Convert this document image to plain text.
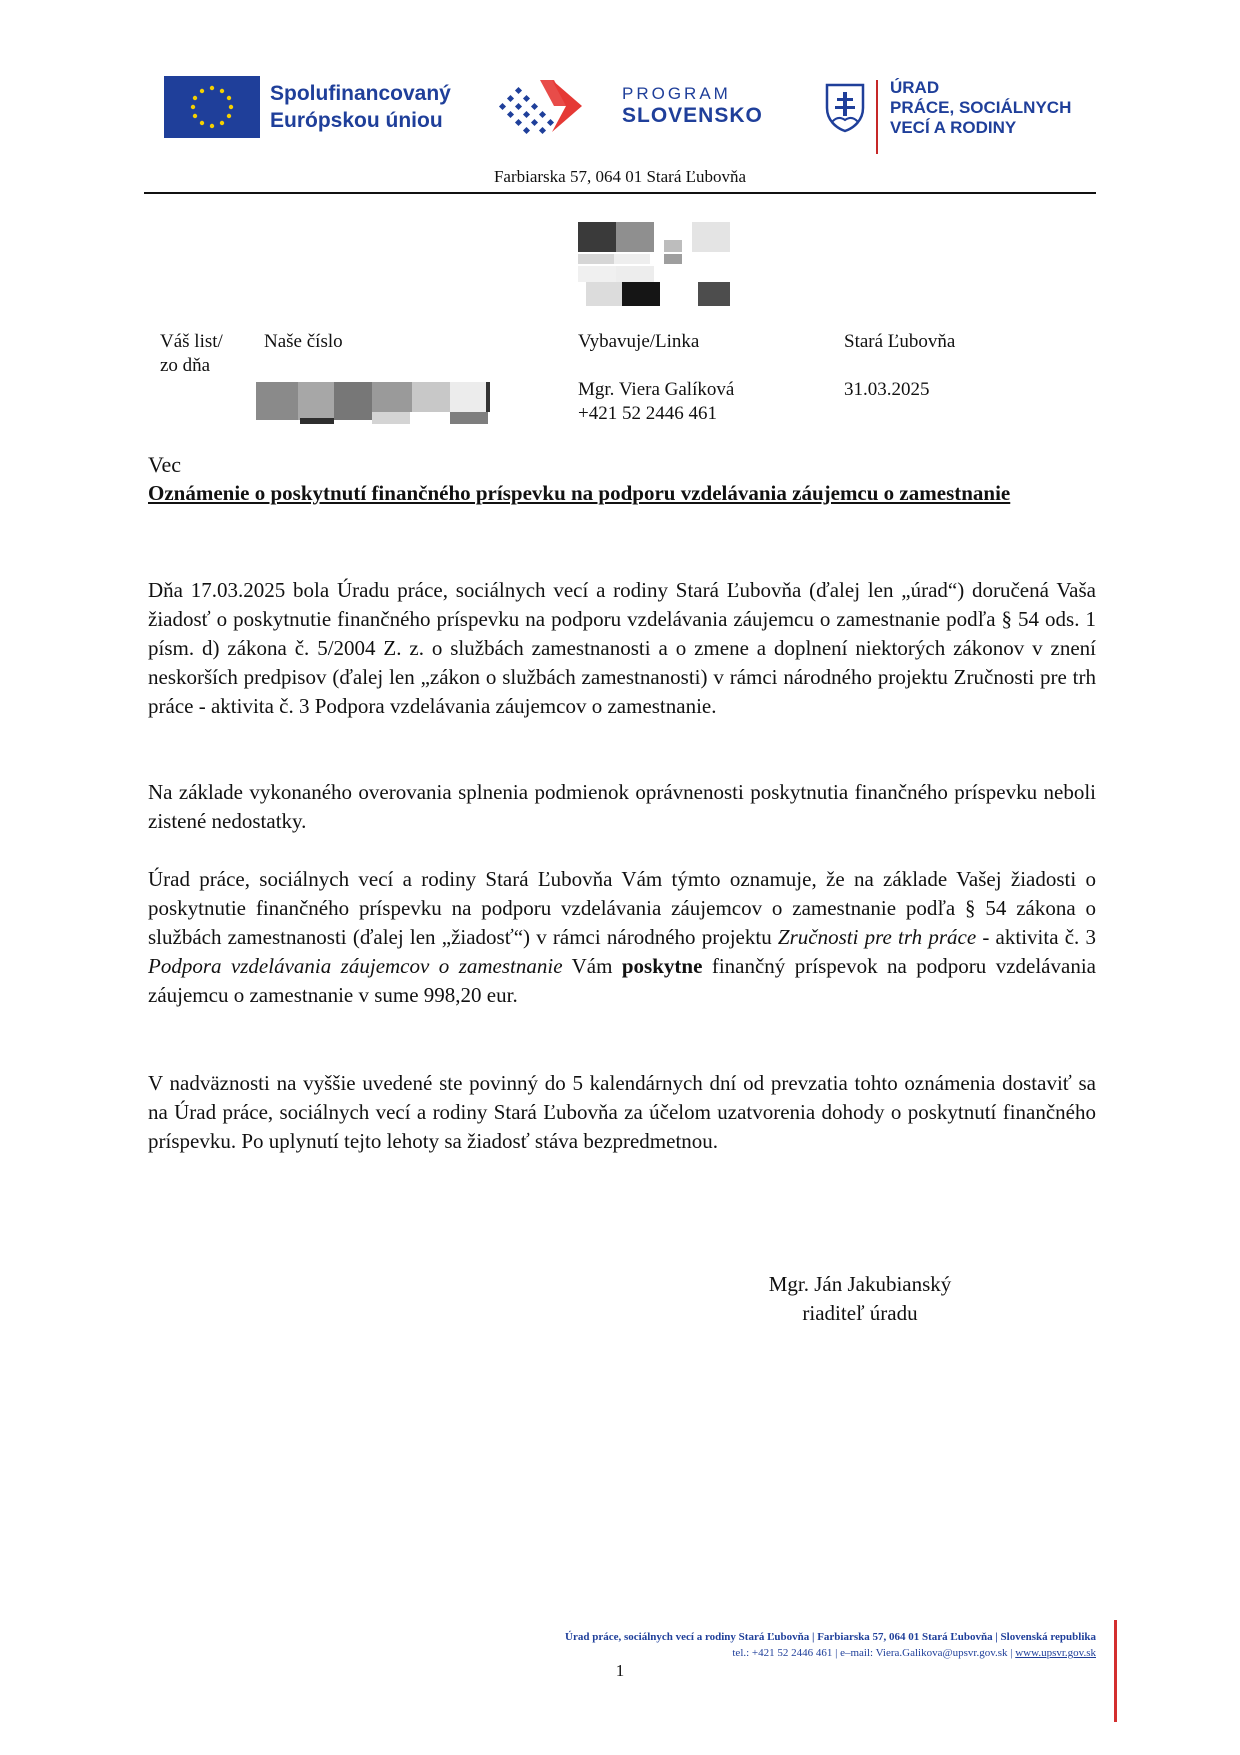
Spolufinancovaný
Európskou úniou
PROGRAM
SLOVENSKO
ÚRAD
PRÁCE, SOCIÁLNYCH
VECÍ A RODINY
Farbiarska 57, 064 01 Stará Ľubovňa
Váš list/
zo dňa
Naše číslo	Vybavuje/Linka
Mgr. Viera Galíková
+421 52 2446 461
Stará Ľubovňa
31.03.2025
Vec
Oznámenie o poskytnutí finančného príspevku na podporu vzdelávania záujemcu o zamestnanie
Dňa 17.03.2025 bola Úradu práce, sociálnych vecí a rodiny Stará Ľubovňa (ďalej len „úrad“) doručená Vaša žiadosť o poskytnutie finančného príspevku na podporu vzdelávania záujemcu o zamestnanie podľa § 54 ods. 1 písm. d) zákona č. 5/2004 Z. z. o službách zamestnanosti a o zmene a doplnení niektorých zákonov v znení neskorších predpisov (ďalej len „zákon o službách zamestnanosti) v rámci národného projektu Zručnosti pre trh práce - aktivita č. 3 Podpora vzdelávania záujemcov o zamestnanie.
Na základe vykonaného overovania splnenia podmienok oprávnenosti poskytnutia finančného príspevku neboli zistené nedostatky.
Úrad práce, sociálnych vecí a rodiny Stará Ľubovňa Vám týmto oznamuje, že na základe Vašej žiadosti o poskytnutie finančného príspevku na podporu vzdelávania záujemcov o zamestnanie podľa § 54 zákona o službách zamestnanosti (ďalej len „žiadosť“) v rámci národného projektu Zručnosti pre trh práce - aktivita č. 3 Podpora vzdelávania záujemcov o zamestnanie Vám poskytne finančný príspevok na podporu vzdelávania záujemcu o zamestnanie v sume 998,20 eur.
V nadväznosti na vyššie uvedené ste povinný do 5 kalendárnych dní od prevzatia tohto oznámenia dostaviť sa na Úrad práce, sociálnych vecí a rodiny Stará Ľubovňa za účelom uzatvorenia dohody o poskytnutí finančného príspevku. Po uplynutí tejto lehoty sa žiadosť stáva bezpredmetnou.
Mgr. Ján Jakubianský
riaditeľ úradu
Úrad práce, sociálnych vecí a rodiny Stará Ľubovňa | Farbiarska 57, 064 01 Stará Ľubovňa | Slovenská republika
tel.: +421 52 2446 461 | e–mail: Viera.Galikova@upsvr.gov.sk | www.upsvr.gov.sk
1
